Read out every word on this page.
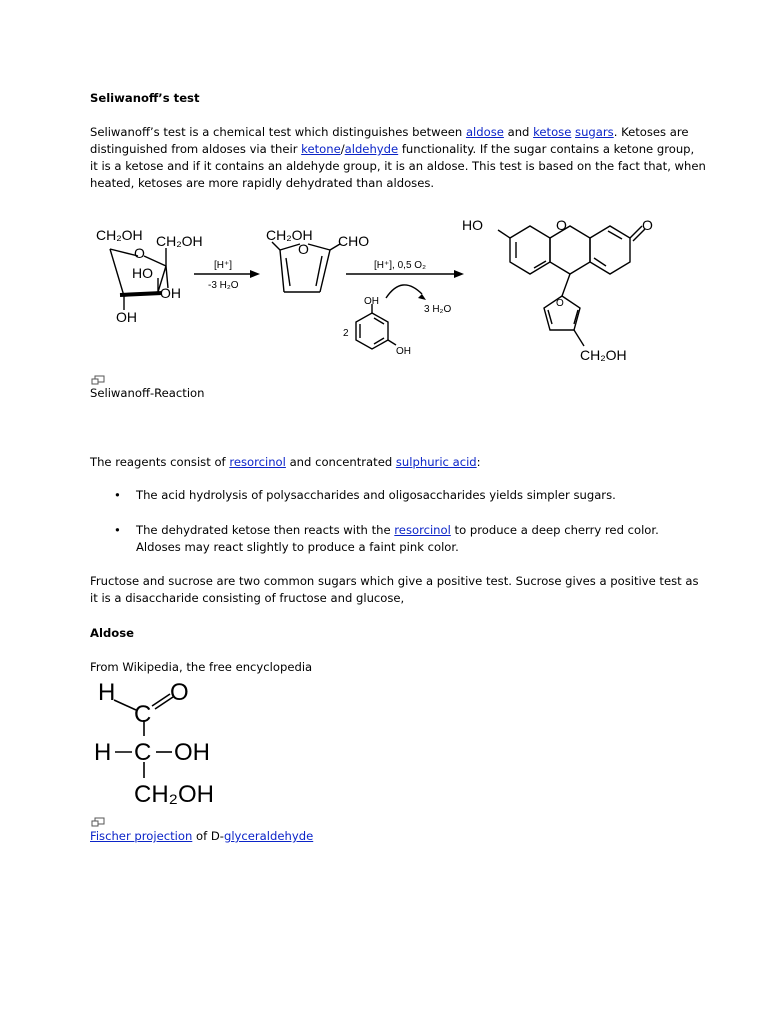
Seliwanoff’s test
Seliwanoff’s test is a chemical test which distinguishes between aldose and ketose sugars. Ketoses are
distinguished from aldoses via their ketone/aldehyde functionality. If the sugar contains a ketone group,
it is a ketose and if it contains an aldehyde group, it is an aldose. This test is based on the fact that, when
heated, ketoses are more rapidly dehydrated than aldoses.
CH₂OH CH₂OH
O
HO
OH
OH
CH₂OH
O CHO
HO	O	O
CH₂OH
[H⁺]
-3 H₂O
[H⁺], 0,5 O₂
OH
OH
2
3 H₂O
O
Seliwanoff-Reaction
The reagents consist of resorcinol and concentrated sulphuric acid:
• The acid hydrolysis of polysaccharides and oligosaccharides yields simpler sugars.
• The dehydrated ketose then reacts with the resorcinol to produce a deep cherry red color.
Aldoses may react slightly to produce a faint pink color.
Fructose and sucrose are two common sugars which give a positive test. Sucrose gives a positive test as
it is a disaccharide consisting of fructose and glucose,
Aldose
From Wikipedia, the free encyclopedia
H
C
O
H C OH
CH₂OH
Fischer projection of D-glyceraldehyde
